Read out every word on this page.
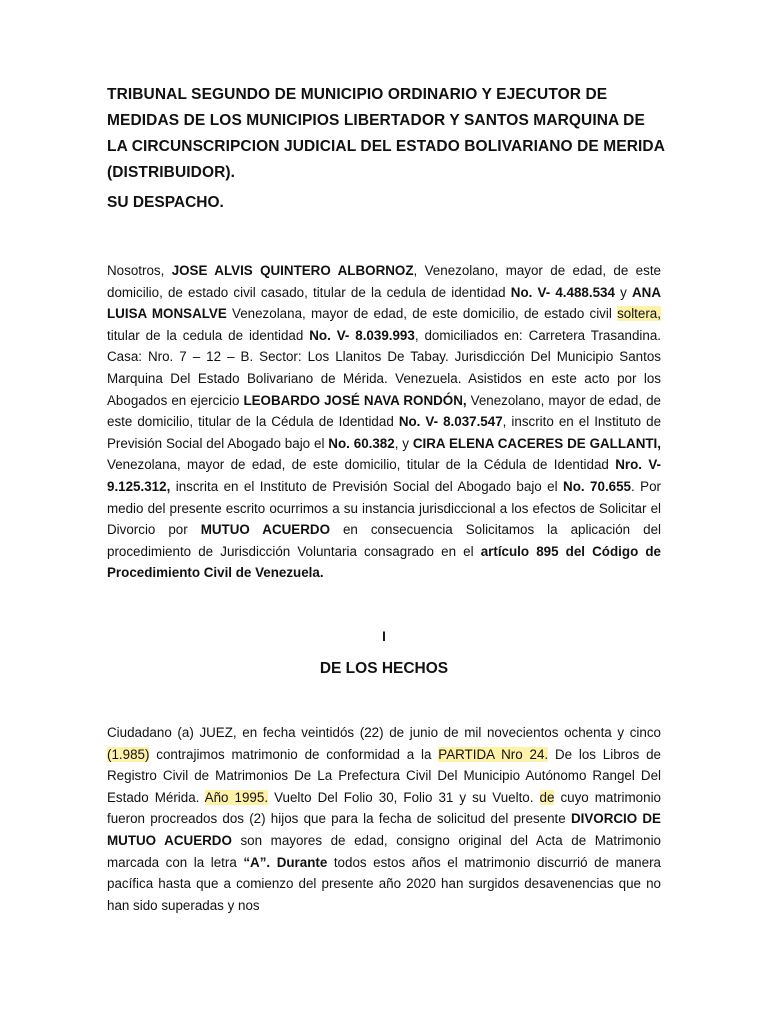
TRIBUNAL SEGUNDO DE MUNICIPIO ORDINARIO Y EJECUTOR DE MEDIDAS DE LOS MUNICIPIOS LIBERTADOR Y SANTOS MARQUINA DE LA CIRCUNSCRIPCION JUDICIAL DEL ESTADO BOLIVARIANO DE MERIDA (DISTRIBUIDOR).

SU DESPACHO.

Nosotros, JOSE ALVIS QUINTERO ALBORNOZ, Venezolano, mayor de edad, de este domicilio, de estado civil casado, titular de la cedula de identidad No. V- 4.488.534 y ANA LUISA MONSALVE Venezolana, mayor de edad, de este domicilio, de estado civil soltera, titular de la cedula de identidad No. V- 8.039.993, domiciliados en: Carretera Trasandina. Casa: Nro. 7 – 12 – B. Sector: Los Llanitos De Tabay. Jurisdicción Del Municipio Santos Marquina Del Estado Bolivariano de Mérida. Venezuela. Asistidos en este acto por los Abogados en ejercicio LEOBARDO JOSÉ NAVA RONDÓN, Venezolano, mayor de edad, de este domicilio, titular de la Cédula de Identidad No. V- 8.037.547, inscrito en el Instituto de Previsión Social del Abogado bajo el No. 60.382, y CIRA ELENA CACERES DE GALLANTI, Venezolana, mayor de edad, de este domicilio, titular de la Cédula de Identidad Nro. V- 9.125.312, inscrita en el Instituto de Previsión Social del Abogado bajo el No. 70.655. Por medio del presente escrito ocurrimos a su instancia jurisdiccional a los efectos de Solicitar el Divorcio por MUTUO ACUERDO en consecuencia Solicitamos la aplicación del procedimiento de Jurisdicción Voluntaria consagrado en el artículo 895 del Código de Procedimiento Civil de Venezuela.

I

DE LOS HECHOS

Ciudadano (a) JUEZ, en fecha veintidós (22) de junio de mil novecientos ochenta y cinco (1.985) contrajimos matrimonio de conformidad a la PARTIDA Nro 24. De los Libros de Registro Civil de Matrimonios De La Prefectura Civil Del Municipio Autónomo Rangel Del Estado Mérida. Año 1995. Vuelto Del Folio 30, Folio 31 y su Vuelto. de cuyo matrimonio fueron procreados dos (2) hijos que para la fecha de solicitud del presente DIVORCIO DE MUTUO ACUERDO son mayores de edad, consigno original del Acta de Matrimonio marcada con la letra “A”. Durante todos estos años el matrimonio discurrió de manera pacífica hasta que a comienzo del presente año 2020 han surgidos desavenencias que no han sido superadas y nos
